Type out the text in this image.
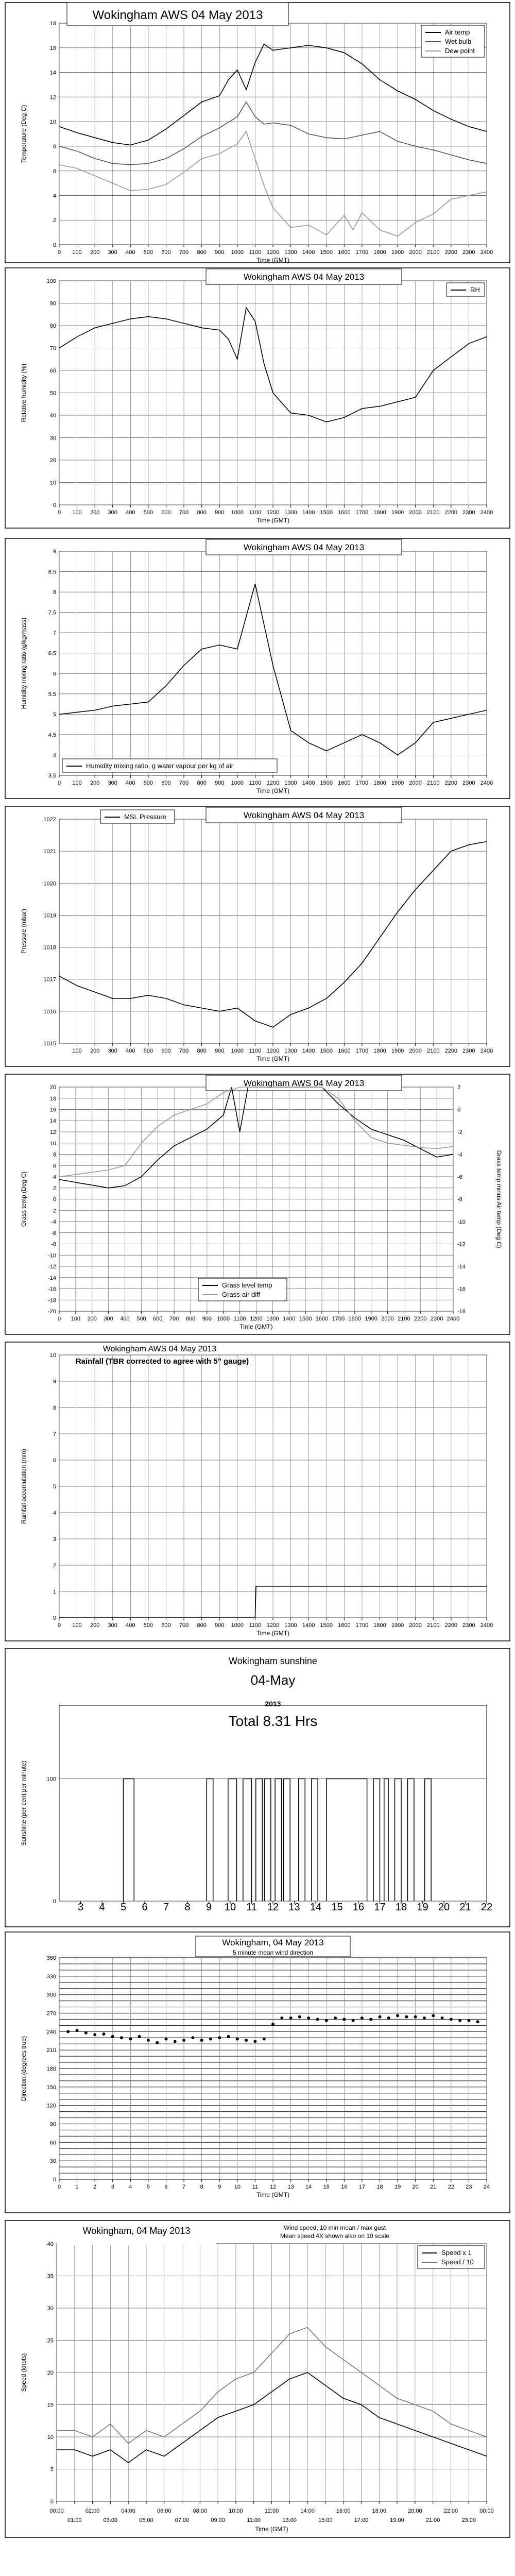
0
2
4
6
8
10
12
14
16
18
0 100 200 300 400 500 600 700 800 900 1000 1100 1200 1300 1400 1500 1600 1700 1800 1900 2000 2100 2200 2300 2400
Time (GMT)
Temperature (Deg C)
Wokingham AWS 04 May 2013
Air temp
Wet bulb
Dew point
0
10
20
30
40
50
60
70
80
90
100
0 100 200 300 400 500 600 700 800 900 1000 1100 1200 1300 1400 1500 1600 1700 1800 1900 2000 2100 2200 2300 2400
Time (GMT)
Relative humidity (%)
Wokingham AWS 04 May 2013
RH
3.5
4
4.5
5
5.5
6
6.5
7
7.5
8
8.5
9
0 100 200 300 400 500 600 700 800 900 1000 1100 1200 1300 1400 1500 1600 1700 1800 1900 2000 2100 2200 2300 2400
Time (GMT)
Humidity mixing ratio (g/kg/mass)
Wokingham AWS 04 May 2013
Humidity mixing ratio, g water vapour per kg of air
1015
1016
1017
1018
1019
1020
1021
1022
100 200 300 400 500 600 700 800 900 1000 1100 1200 1300 1400 1500 1600 1700 1800 1900 2000 2100 2200 2300 2400
Time (GMT)
Pressure (mbar)
Wokingham AWS 04 May 2013
MSL Pressure
-20
-18
-16
-14
-12
-10
-8
-6
-4
-2
0
2
4
6
8
10
12
14
16
18
20
0 100 200 300 400 500 600 700 800 900 1000 1100 1200 1300 1400 1500 1600 1700 1800 1900 2000 2100 2200 2300 2400
Time (GMT)
Grass temp (Deg C)
Wokingham AWS 04 May 2013
-18
-16
-14
-12
-10
-8
-6
-4
-2
0
2
Grass temp minus Air temp (Deg C)
Grass level temp
Grass-air diff
0
1
2
3
4
5
6
7
8
9
10
0 100 200 300 400 500 600 700 800 900 1000 1100 1200 1300 1400 1500 1600 1700 1800 1900 2000 2100 2200 2300 2400
Time (GMT)
Rainfall accumulation (mm)
Wokingham AWS 04 May 2013
Rainfall (TBR corrected to agree with 5" gauge)
0
100
3 4 5 6 7 8 9 10 11 12 13 14 15 16 17 18 19 20 21 22
Sunshine (per cent per minute)
Wokingham sunshine
04-May
2013
Total 8.31 Hrs
0
30
60
90
120
150
180
210
240
270
300
330
360
0	1	2	3	4	5	6	7	8	9 10 11 12 13 14 15 16 17 18 19 20 21 22 23 24
Time (GMT)
Direction (degrees true)
Wokingham, 04 May 2013
5 minute mean wind direction
0
5
10
15
20
25
30
35
40
00:00
01:00
02:00
03:00
04:00
05:00
06:00
07:00
08:00
09:00
10:00
11:00
12:00
13:00
14:00
15:00
16:00
17:00
18:00
19:00
20:00
21:00
22:00
23:00
00:00
Time (GMT)
Speed (knots)
Wokingham, 04 May 2013	Wind speed, 10 min mean / max gust
Mean speed 4X shown also on 10 scale
Speed x 1
Speed / 10
